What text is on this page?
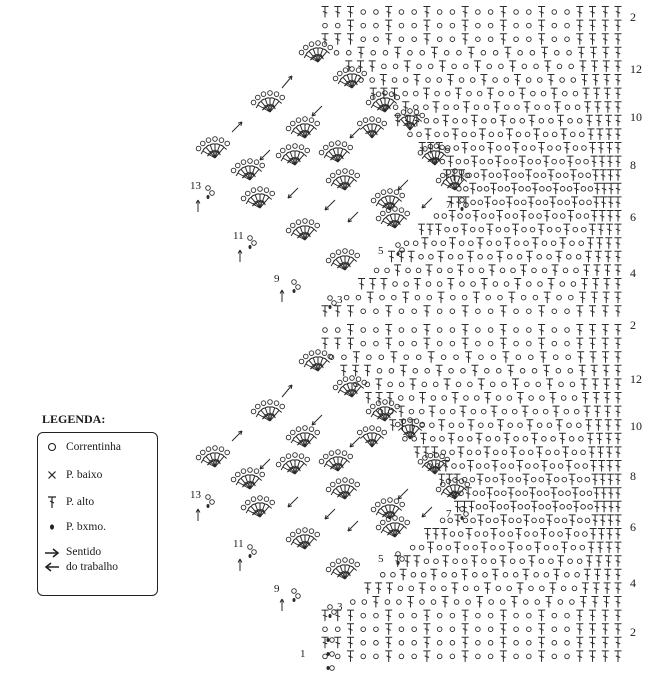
2
12
10
8
6
4
2
12
10
8
6
4
2
13
11
9
7
5
3
13
11
9
7
5
3
1
LEGENDA:
Correntinha
P. baixo
P. alto
P. bxmo.
Sentido
do trabalho
